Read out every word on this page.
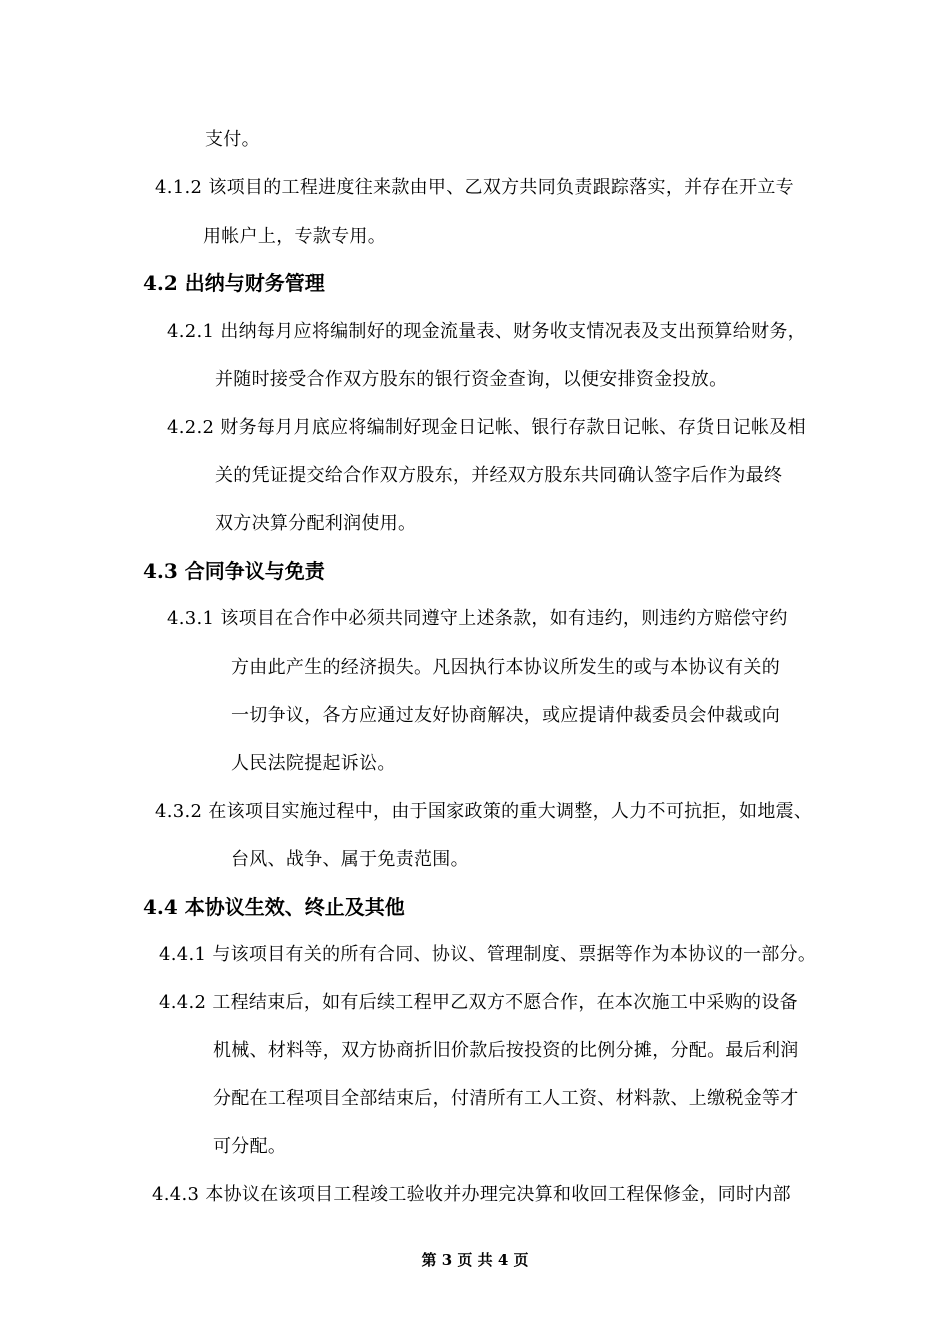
支付。
4.1.2 该项目的工程进度往来款由甲、乙双方共同负责跟踪落实，并存在开立专
用帐户上，专款专用。
4.2 出纳与财务管理
4.2.1 出纳每月应将编制好的现金流量表、财务收支情况表及支出预算给财务，
并随时接受合作双方股东的银行资金查询，以便安排资金投放。
4.2.2 财务每月月底应将编制好现金日记帐、银行存款日记帐、存货日记帐及相
关的凭证提交给合作双方股东，并经双方股东共同确认签字后作为最终
双方决算分配利润使用。
4.3 合同争议与免责
4.3.1 该项目在合作中必须共同遵守上述条款，如有违约，则违约方赔偿守约
方由此产生的经济损失。凡因执行本协议所发生的或与本协议有关的
一切争议，各方应通过友好协商解决，或应提请仲裁委员会仲裁或向
人民法院提起诉讼。
4.3.2 在该项目实施过程中，由于国家政策的重大调整，人力不可抗拒，如地震、
台风、战争、属于免责范围。
4.4 本协议生效、终止及其他
4.4.1 与该项目有关的所有合同、协议、管理制度、票据等作为本协议的一部分。
4.4.2 工程结束后，如有后续工程甲乙双方不愿合作，在本次施工中采购的设备
机械、材料等，双方协商折旧价款后按投资的比例分摊，分配。最后利润
分配在工程项目全部结束后，付清所有工人工资、材料款、上缴税金等才
可分配。
4.4.3 本协议在该项目工程竣工验收并办理完决算和收回工程保修金，同时内部
第 3 页 共 4 页
